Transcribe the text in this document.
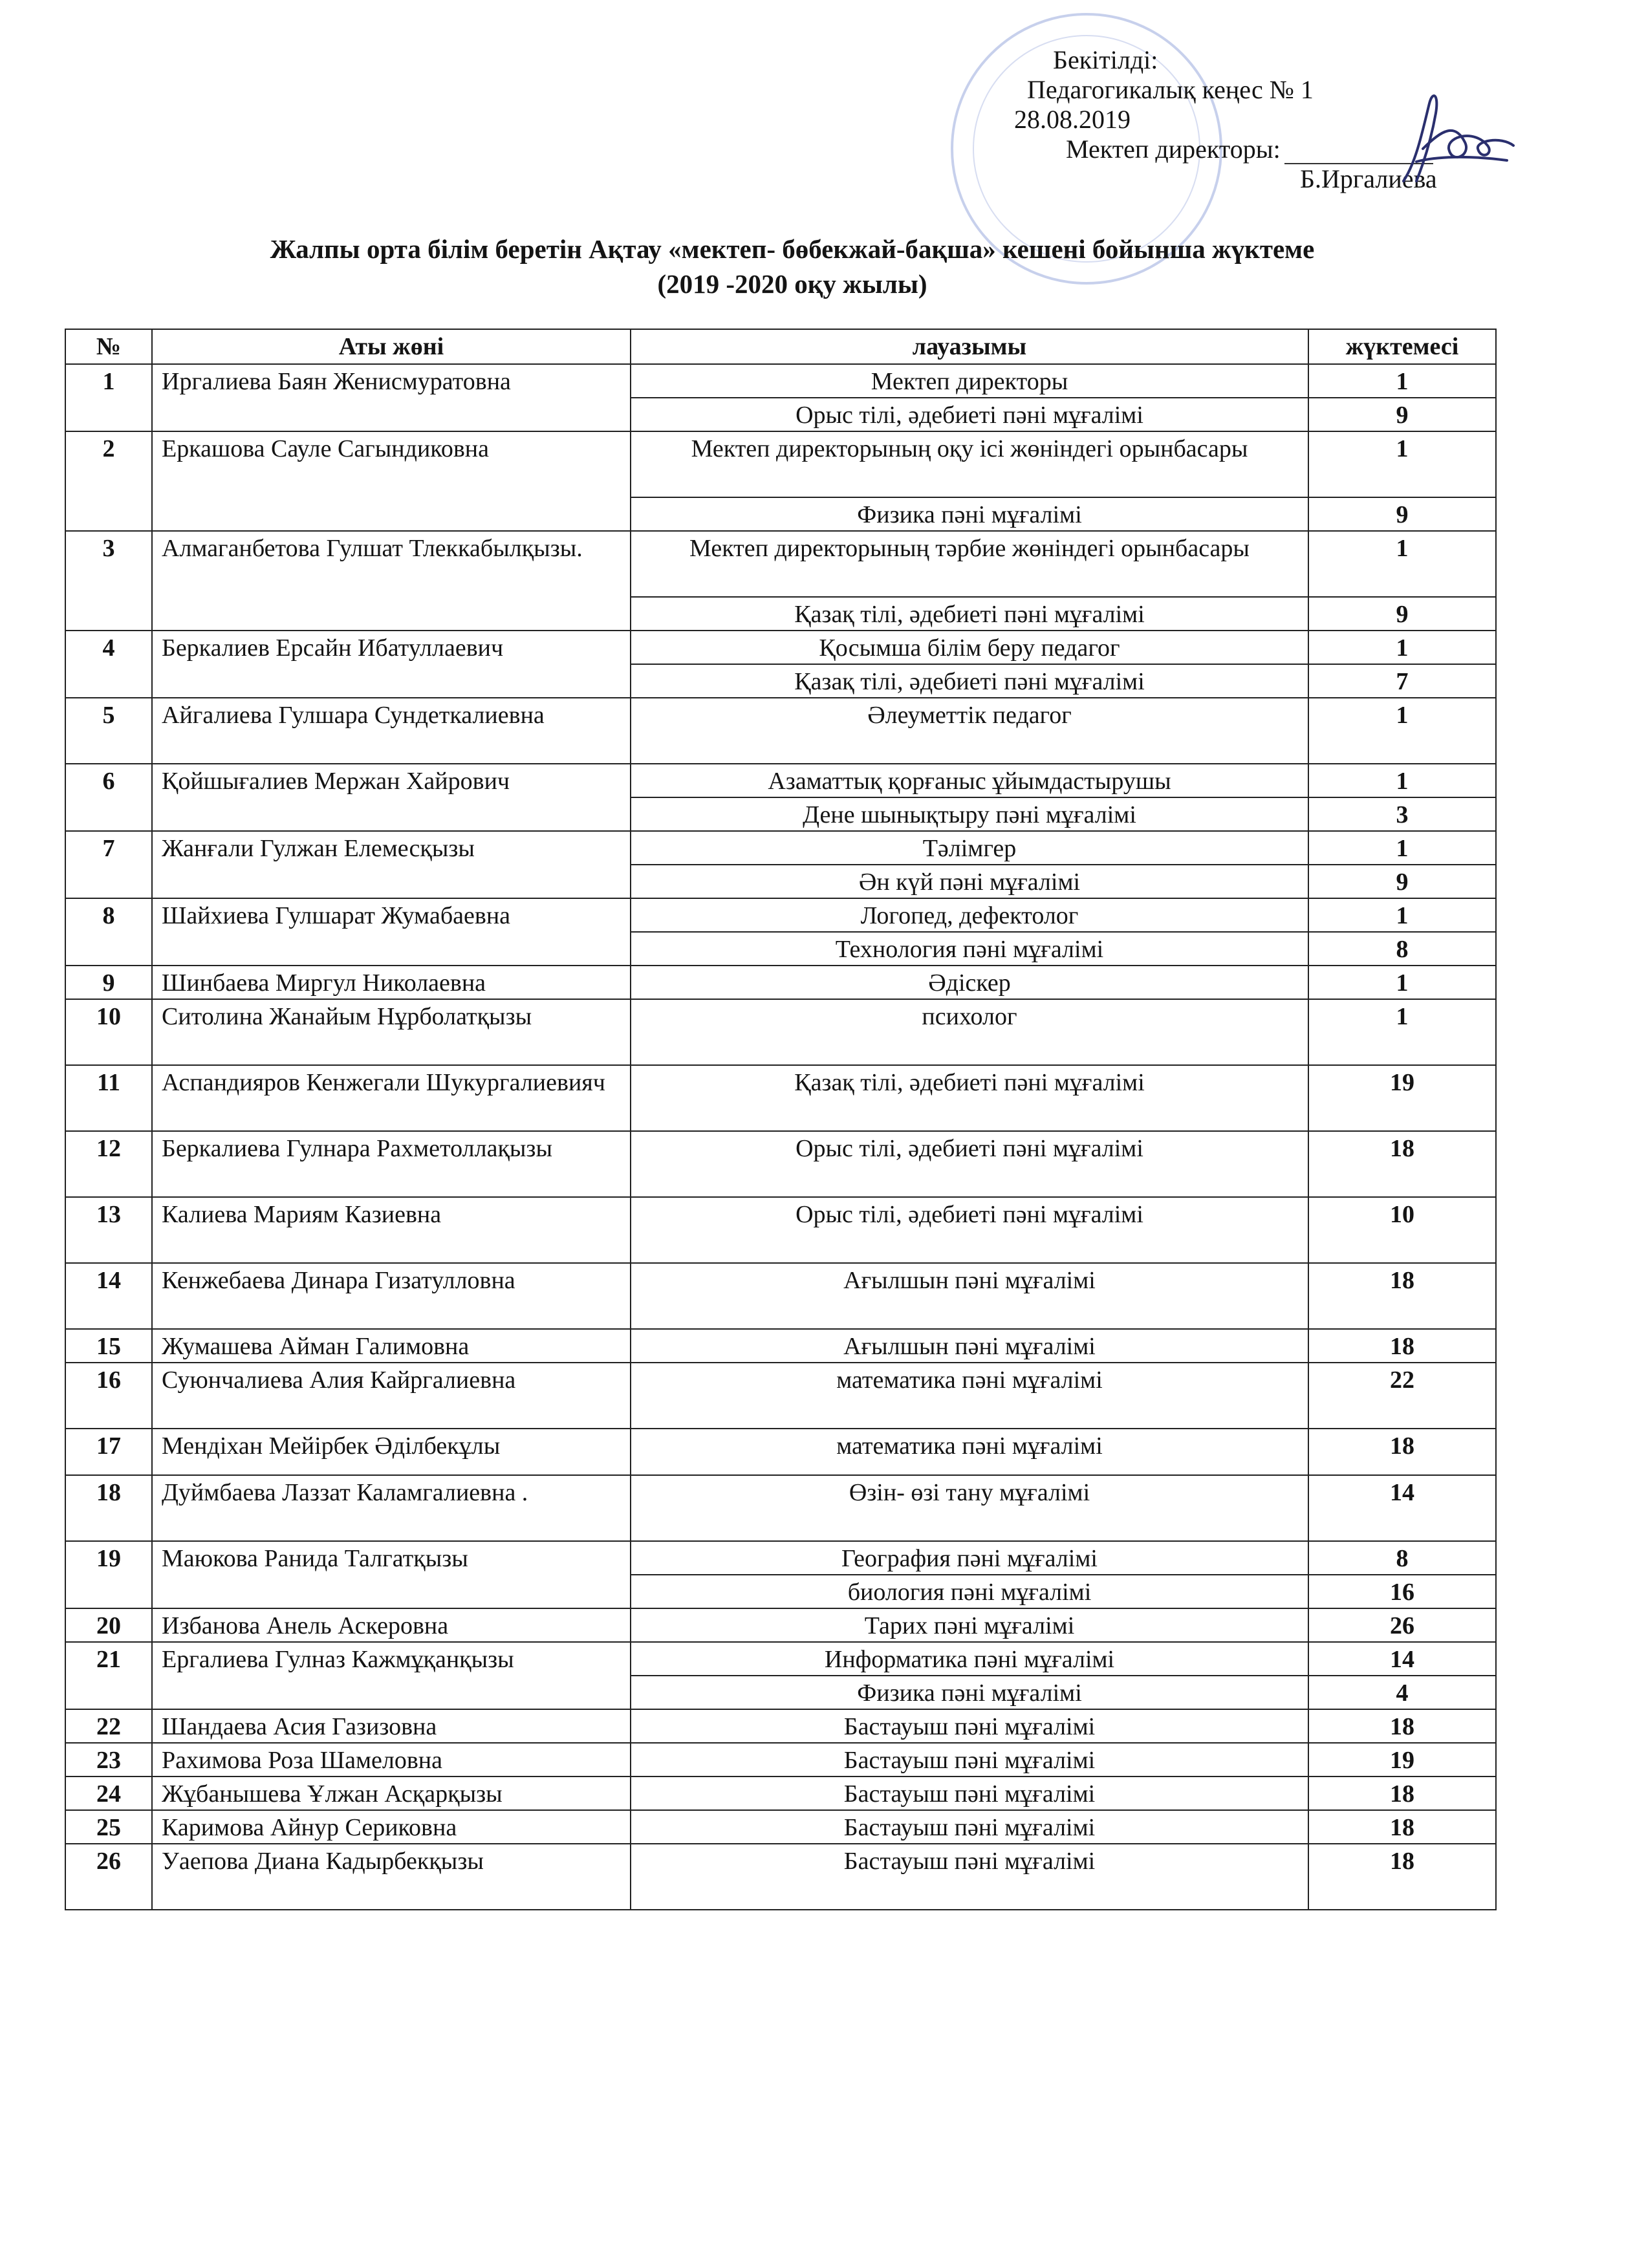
Бекітілді:
Педагогикалық кеңес № 1
28.08.2019
Мектеп директоры:
Б.Иргалиева
Жалпы орта білім беретін Ақтау «мектеп- бөбекжай-бақша» кешені бойынша жүктеме
(2019 -2020 оқу жылы)
№	Аты жөні	лауазымы	жүктемесі
1	Иргалиева Баян Женисмуратовна	Мектеп директоры	1
		Орыс тілі, әдебиеті пәні мұғалімі	9
2	Еркашова Сауле Сагындиковна	Мектеп директорының оқу ісі жөніндегі орынбасары	1
		Физика пәні мұғалімі	9
3	Алмаганбетова Гулшат Тлеккабылқызы.	Мектеп директорының тәрбие жөніндегі орынбасары	1
		Қазақ тілі, әдебиеті пәні мұғалімі	9
4	Беркалиев Ерсайн Ибатуллаевич	Қосымша білім беру педагог	1
		Қазақ тілі, әдебиеті пәні мұғалімі	7
5	Айгалиева Гулшара Сундеткалиевна	Әлеуметтік педагог	1
6	Қойшығалиев Мержан Хайрович	Азаматтық қорғаныс ұйымдастырушы	1
		Дене шынықтыру пәні мұғалімі	3
7	Жанғали Гулжан Елемесқызы	Тәлімгер	1
		Ән күй пәні мұғалімі	9
8	Шайхиева Гулшарат Жумабаевна	Логопед, дефектолог	1
		Технология пәні мұғалімі	8
9	Шинбаева Миргул Николаевна	Әдіскер	1
10	Ситолина Жанайым Нұрболатқызы	психолог	1
11	Аспандияров Кенжегали Шукургалиевияч	Қазақ тілі, әдебиеті пәні мұғалімі	19
12	Беркалиева Гулнара Рахметоллақызы	Орыс тілі, әдебиеті пәні мұғалімі	18
13	Калиева Мариям Казиевна	Орыс тілі, әдебиеті пәні мұғалімі	10
14	Кенжебаева Динара Гизатулловна	Ағылшын пәні мұғалімі	18
15	Жумашева Айман Галимовна	Ағылшын пәні мұғалімі	18
16	Суюнчалиева Алия Кайргалиевна	математика пәні мұғалімі	22
17	Мендіхан Мейірбек Әділбекұлы	математика пәні мұғалімі	18
18	Дуймбаева Лаззат Каламгалиевна .	Өзін- өзі тану мұғалімі	14
19	Маюкова Ранида Талгатқызы	География пәні мұғалімі	8
		биология пәні мұғалімі	16
20	Избанова Анель Аскеровна	Тарих пәні мұғалімі	26
21	Ергалиева Гулназ Кажмұқанқызы	Информатика пәні мұғалімі	14
		Физика пәні мұғалімі	4
22	Шандаева Асия Газизовна	Бастауыш пәні мұғалімі	18
23	Рахимова Роза Шамеловна	Бастауыш пәні мұғалімі	19
24	Жұбанышева Ұлжан Асқарқызы	Бастауыш пәні мұғалімі	18
25	Каримова Айнур Сериковна	Бастауыш пәні мұғалімі	18
26	Уаепова Диана Кадырбекқызы	Бастауыш пәні мұғалімі	18
